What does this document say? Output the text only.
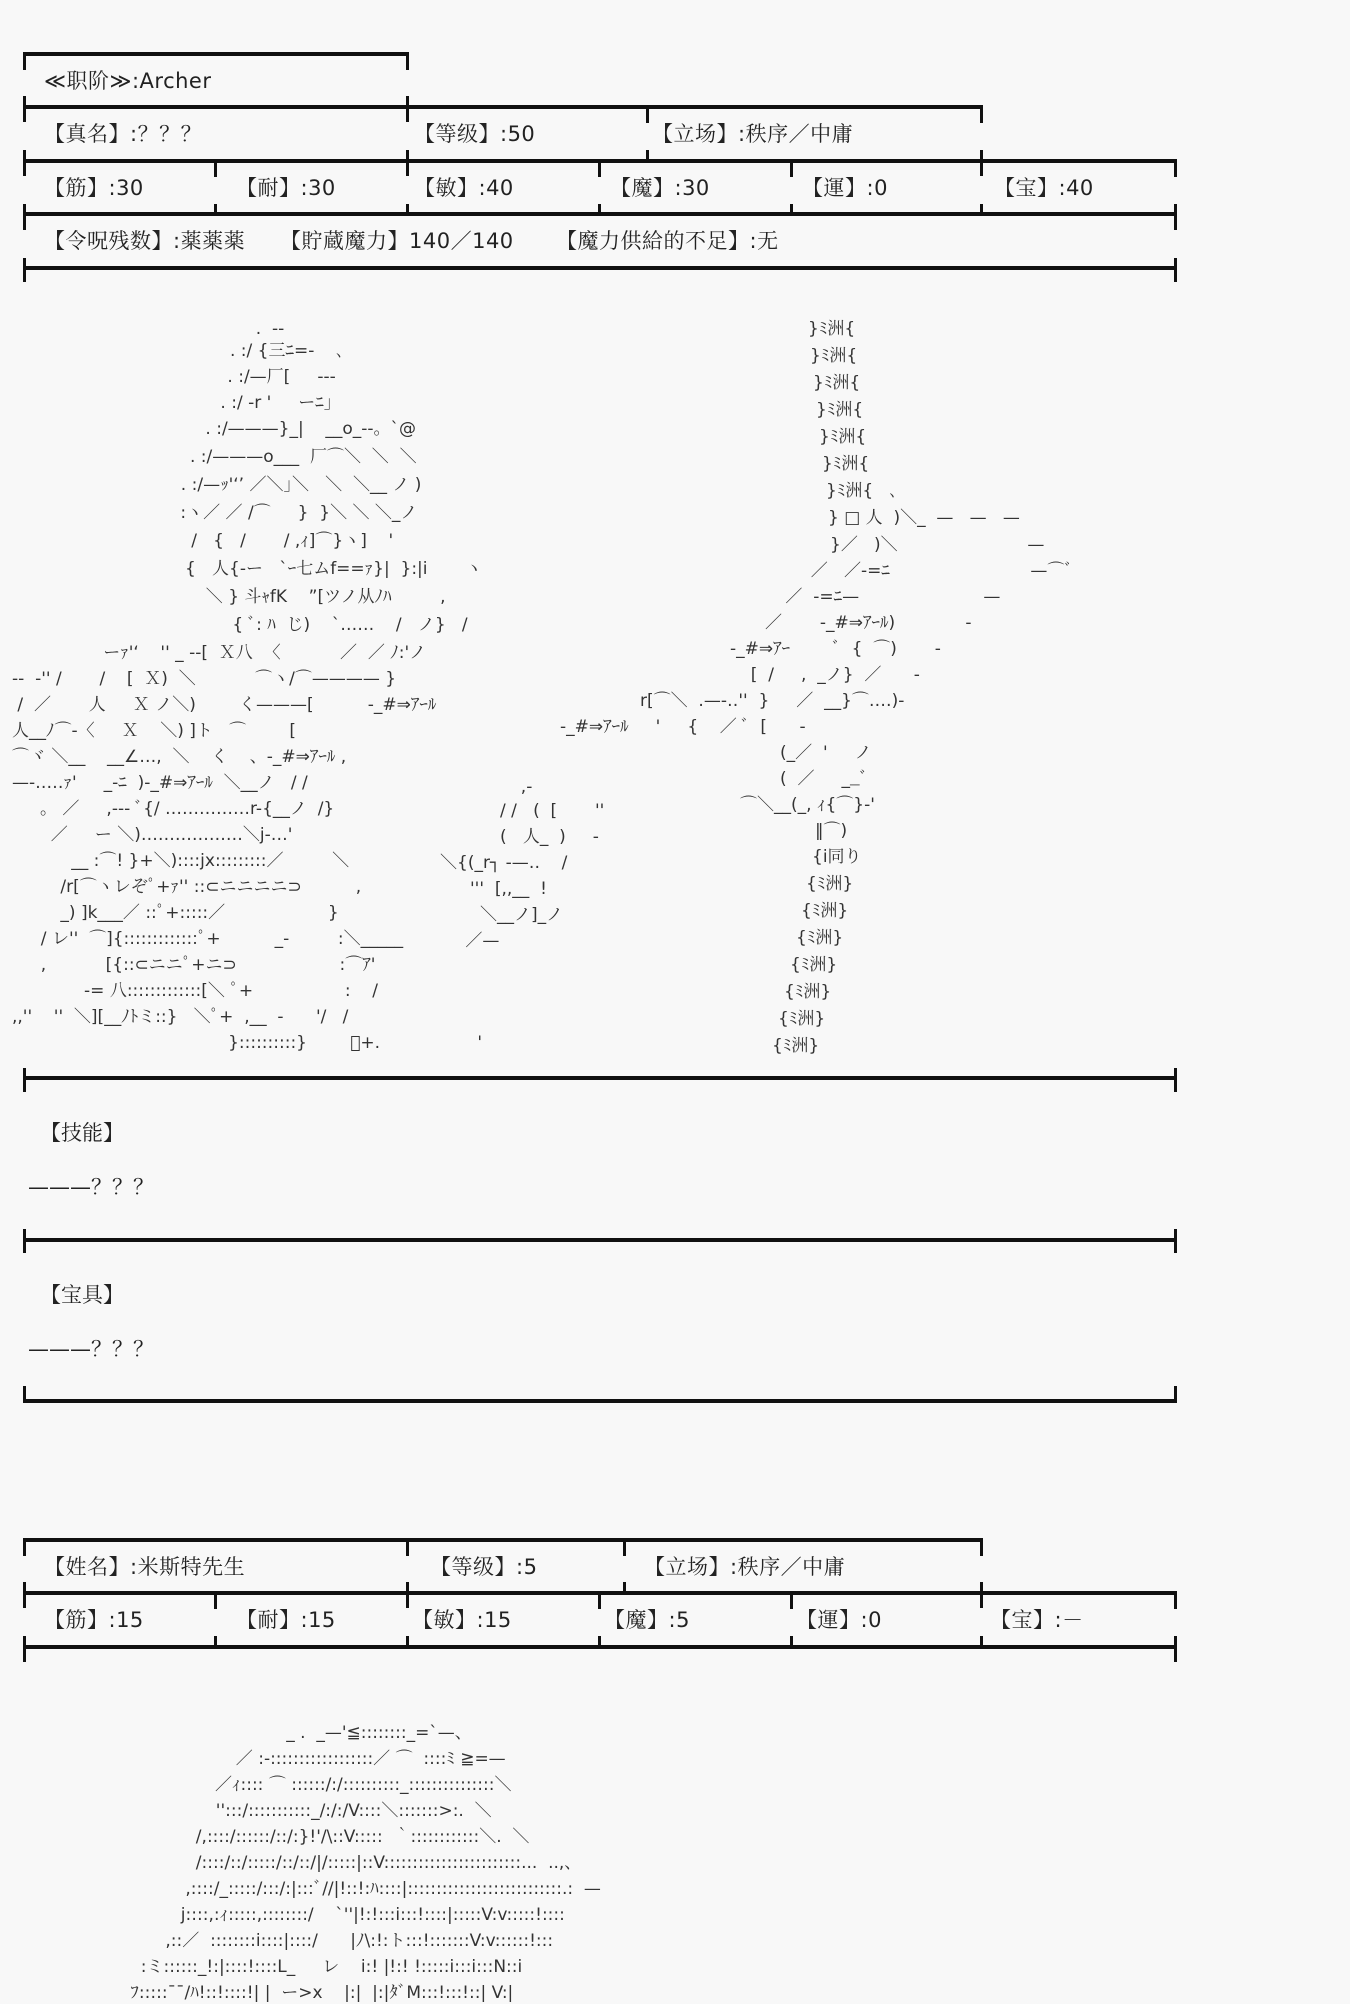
≪职阶≫:Archer
【真名】:？？？	【等级】:50	【立场】:秩序／中庸
【筋】:30	【耐】:30	【敏】:40	【魔】:30	【運】:0	【宝】:40
【令呪残数】:薬薬薬 【貯蔵魔力】140／140 【魔力供給的不足】:无
.  --
. :/ {三ﾆ=-    ､
. :/—厂[     ---
. :/ -r '     ーﾆ」
. :/———}_|    __o_--。`@
. :/———o___  厂⌒＼  ＼  ＼
. :/—ｯ'‘’ ／＼｣＼   ＼  ＼__ ノ )
:ヽ／ ／ /⌒     }  }＼ ＼ ＼_ノ
/   {   /       / ,ｨ]⌒}ヽ]    '
{   人{-ー   `ｰ七ムf==ｧ}|  }:|i       ヽ
＼ } 斗ｬfK    ”[ツノ从ﾉﾊ         ,
{ ﾞ: ﾊ  じ)    `……    /   ノ}   /
ーｧ'‘    '' _ --[  Ｘ八  〈           ／  ／ ﾉ:'ノ
--  -'' /       /    [  Ｘ)  ＼           ⌒ヽ/⌒———— }
/  ／       人     Ｘ ノ＼)        く———[          -_#⇒ｱｰﾙ
人__ﾉ⌒-〈     Ｘ    ＼) ]ト   ⌒        [
⌒ヾ ＼__    __∠…,  ＼    く    、-_#⇒ｱｰﾙ ,
—-…‥ｧ'     _-ﾆ  )-_#⇒ｱｰﾙ  ＼__ノ   / /
。 ／     ,--- ﾞ{/ ……………r-{__ノ  /}
／     ー ＼)………………＼j-…'
__ :⌒! }+＼)::::jx:::::::::／         ＼
/r[⌒ヽレぞﾟ+ｧ'' ::⊂ニニニニ⊃          ,
_) ]k___／ ::ﾟ+:::::／                   }
/ レ''  ⌒]{:::::::::::::ﾟ+          _-         :＼_____
,           [{::⊂ニニﾟ+ニ⊃                   :⌒ｱ'
-= 八:::::::::::::[＼ ﾟ+                 :    /
,,''    ''  ＼][__ﾉﾄミ::}   ＼ﾟ+  ,__  -      '/   /
}::::::::::}        ﾟ+.                  '
}ﾐ洲{
}ﾐ洲{
}ﾐ洲{
}ﾐ洲{
}ﾐ洲{
}ﾐ洲{
}ﾐ洲{   ､
} □ 人  )＼_  —   —   —
}／   )＼                        —
／   ／-=ﾆ                          —⌒ﾞ
／  -=ﾆ—                       —
／       -_#⇒ｱｰﾙ)             -
-_#⇒ｱｰ        ﾞ  {  ⌒)       -
[  /     ,  _ノ}  ／      -
r[⌒＼  .—-‥''  }     ／  __}⌒‥‥)-
-_#⇒ｱｰﾙ     '     {    ／ ﾞ  [      -
(_／  '     ノ
(  ／     __ﾞ
⌒＼__(_, ｨ{⌒}-'
‖⌒)
{i同り
{ﾐ洲}
{ﾐ洲}
{ﾐ洲}
{ﾐ洲}
{ﾐ洲}
{ﾐ洲}
{ﾐ洲}
,-
/ /   (  [       ''
(   人_  )     -
＼{(_r┐ -—‥    /
'''  [,,__  !
＼__ノ]_ノ
／—
【技能】
———？？？
【宝具】
———？？？
【姓名】:米斯特先生	【等级】:5	【立场】:秩序／中庸
【筋】:15	【耐】:15	【敏】:15	【魔】:5	【運】:0	【宝】:－
_ .  _—'≦::::::::_=`—、
／ :-::::::::::::::::::／ ⌒  ::::ﾐ ≧=—
／ｨ:::: ⌒ ::::::/:/::::::::::_:::::::::::::::＼
'':::/:::::::::::_/:/:/V::::＼:::::::>:.  ＼
/,::::/::::::/::/:}!'/\::V:::::  ｀::::::::::::＼.  ＼
/::::/::/:::::/::/::/|/:::::|::V::::::::::::::::::::::::...  ..,、
,::::/_:::::/:::/:|:::ﾞ//|!::!:ﾊ::::|:::::::::::::::::::::::::::.:  —
j::::,:ｨ:::::,::::::::/    `''|!:!:::i:::!::::|:::::V:v:::::!::::
,::／  ::::::::i::::|::::/      |ﾉ\:!:ト:::!:::::::V:v::::::!:::
:ミ::::::_!:|::::!::::L_     レ    i:! |!:! !:::::i:::i:::N::i
ﾌ:::::¯¯/ﾊ!::!::::!| |  ー>x    |:|  |:|ﾀﾞM:::!:::!::| V:|
